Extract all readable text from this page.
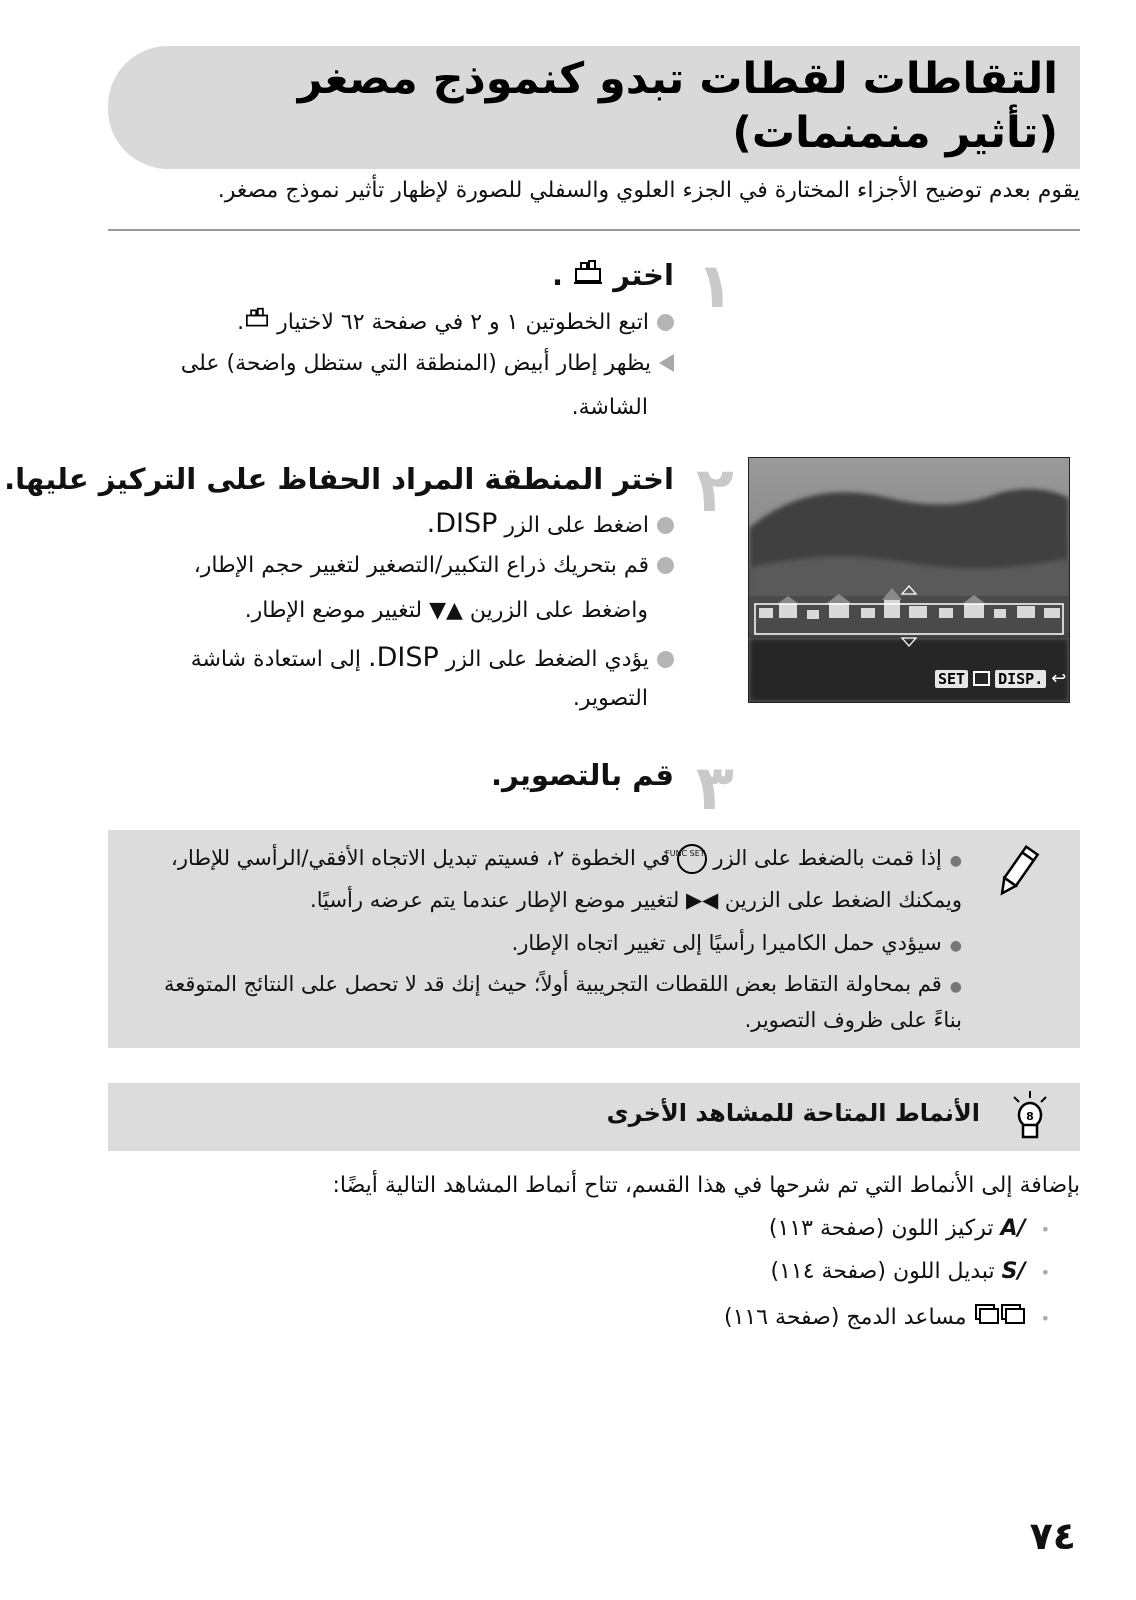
التقاطات لقطات تبدو كنموذج مصغر
(تأثير منمنمات)
يقوم بعدم توضيح الأجزاء المختارة في الجزء العلوي والسفلي للصورة لإظهار تأثير نموذج مصغر.
١
اختر  .
اتبع الخطوتين ١ و ٢ في صفحة ٦٢ لاختيار .
يظهر إطار أبيض (المنطقة التي ستظل واضحة) على
الشاشة.
٢
اختر المنطقة المراد الحفاظ على التركيز عليها.
اضغط على الزر DISP.
قم بتحريك ذراع التكبير/التصغير لتغيير حجم الإطار،
واضغط على الزرين ▲▼ لتغيير موضع الإطار.
يؤدي الضغط على الزر DISP. إلى استعادة شاشة
التصوير.
SET DISP. ↩
٣
قم بالتصوير.
●إذا قمت بالضغط على الزر FUNC SET في الخطوة ٢، فسيتم تبديل الاتجاه الأفقي/الرأسي للإطار،
ويمكنك الضغط على الزرين ◀▶ لتغيير موضع الإطار عندما يتم عرضه رأسيًا.
●سيؤدي حمل الكاميرا رأسيًا إلى تغيير اتجاه الإطار.
●قم بمحاولة التقاط بعض اللقطات التجريبية أولاً؛ حيث إنك قد لا تحصل على النتائج المتوقعة
بناءً على ظروف التصوير.
8
الأنماط المتاحة للمشاهد الأخرى
بإضافة إلى الأنماط التي تم شرحها في هذا القسم، تتاح أنماط المشاهد التالية أيضًا:
• /A تركيز اللون (صفحة ١١٣)
• /S تبديل اللون (صفحة ١١٤)
•  مساعد الدمج (صفحة ١١٦)
٧٤
